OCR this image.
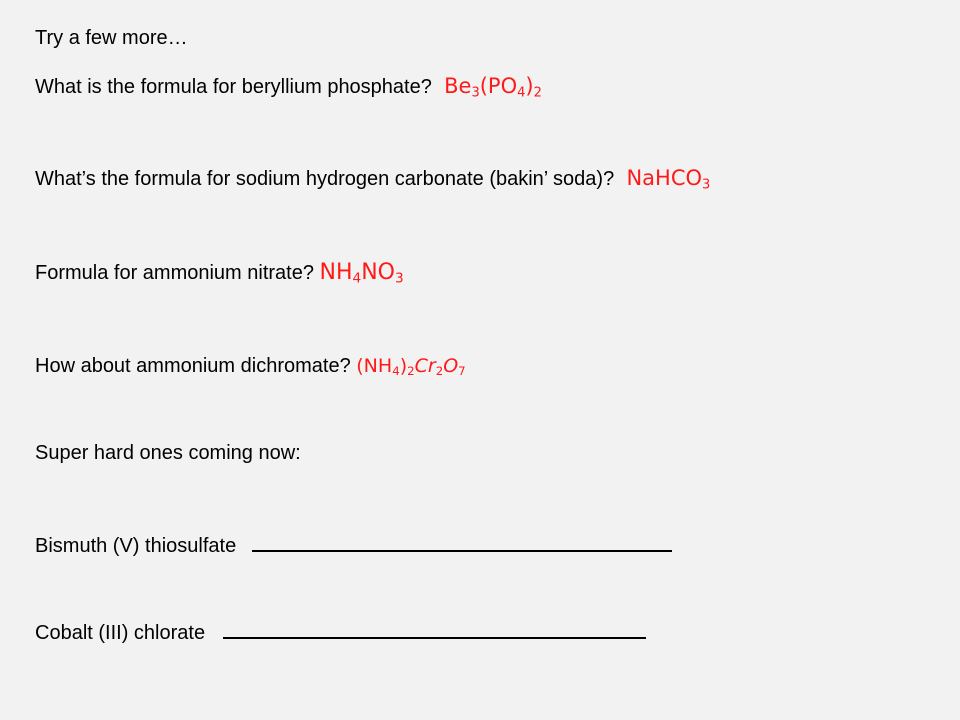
Try a few more…
What is the formula for beryllium phosphate? $Be_3(PO_4)_2$
What’s the formula for sodium hydrogen carbonate (bakin’ soda)? NaHCO$_3$
Formula for ammonium nitrate? $NH_4NO_3$
How about ammonium dichromate? $(NH_4)_2Cr_2O_7$
Super hard ones coming now:
Bismuth (V) thiosulfate
Cobalt (III) chlorate
